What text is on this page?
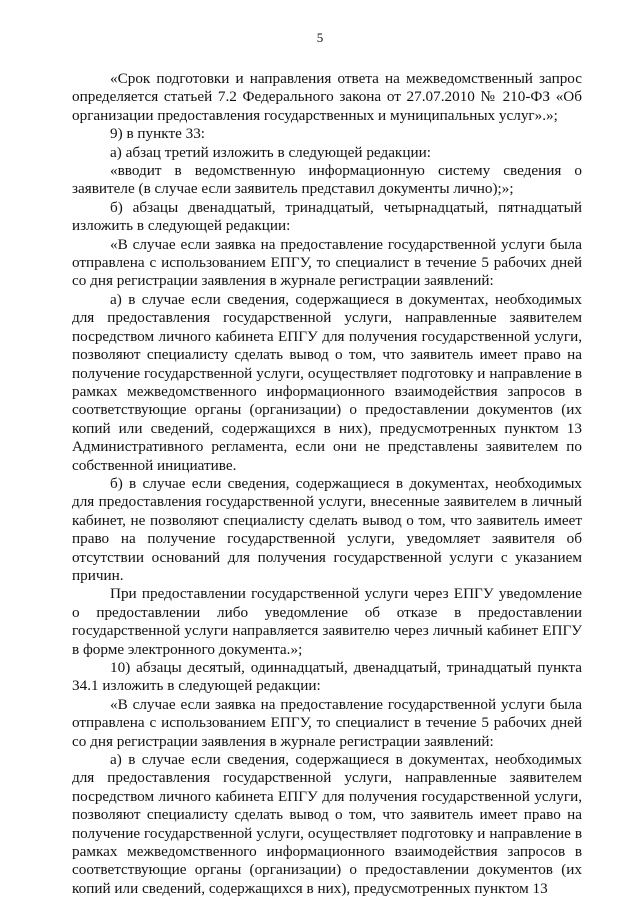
5

«Срок подготовки и направления ответа на межведомственный запрос определяется статьей 7.2 Федерального закона от 27.07.2010 № 210-ФЗ «Об организации предоставления государственных и муниципальных услуг».»;

9) в пункте 33:

а) абзац третий изложить в следующей редакции:

«вводит в ведомственную информационную систему сведения о заявителе (в случае если заявитель представил документы лично);»;

б) абзацы двенадцатый, тринадцатый, четырнадцатый, пятнадцатый изложить в следующей редакции:

«В случае если заявка на предоставление государственной услуги была отправлена с использованием ЕПГУ, то специалист в течение 5 рабочих дней со дня регистрации заявления в журнале регистрации заявлений:

а) в случае если сведения, содержащиеся в документах, необходимых для предоставления государственной услуги, направленные заявителем посредством личного кабинета ЕПГУ для получения государственной услуги, позволяют специалисту сделать вывод о том, что заявитель имеет право на получение государственной услуги, осуществляет подготовку и направление в рамках межведомственного информационного взаимодействия запросов в соответствующие органы (организации) о предоставлении документов (их копий или сведений, содержащихся в них), предусмотренных пунктом 13 Административного регламента, если они не представлены заявителем по собственной инициативе.

б) в случае если сведения, содержащиеся в документах, необходимых для предоставления государственной услуги, внесенные заявителем в личный кабинет, не позволяют специалисту сделать вывод о том, что заявитель имеет право на получение государственной услуги, уведомляет заявителя об отсутствии оснований для получения государственной услуги с указанием причин.

При предоставлении государственной услуги через ЕПГУ уведомление о предоставлении либо уведомление об отказе в предоставлении государственной услуги направляется заявителю через личный кабинет ЕПГУ в форме электронного документа.»;

10) абзацы десятый, одиннадцатый, двенадцатый, тринадцатый пункта 34.1 изложить в следующей редакции:

«В случае если заявка на предоставление государственной услуги была отправлена с использованием ЕПГУ, то специалист в течение 5 рабочих дней со дня регистрации заявления в журнале регистрации заявлений:

а) в случае если сведения, содержащиеся в документах, необходимых для предоставления государственной услуги, направленные заявителем посредством личного кабинета ЕПГУ для получения государственной услуги, позволяют специалисту сделать вывод о том, что заявитель имеет право на получение государственной услуги, осуществляет подготовку и направление в рамках межведомственного информационного взаимодействия запросов в соответствующие органы (организации) о предоставлении документов (их копий или сведений, содержащихся в них), предусмотренных пунктом 13
